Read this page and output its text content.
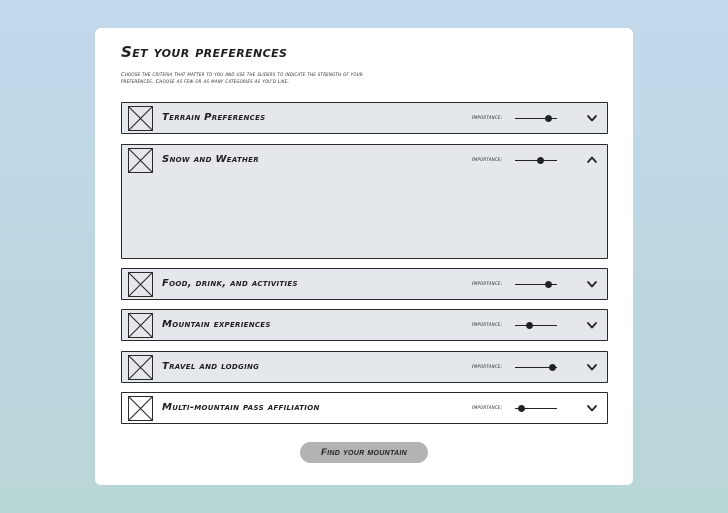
Set your preferences
Choose the criteria that matter to you and use the sliders to indicate the strength of your preferences. Choose as few or as many categories as you'd like.
Terrain Preferences	Importance:
Snow and Weather	Importance:
Food, drink, and activities	Importance:
Mountain experiences	Importance:
Travel and lodging	Importance:
Multi-mountain pass affiliation	Importance:
Find your mountain
